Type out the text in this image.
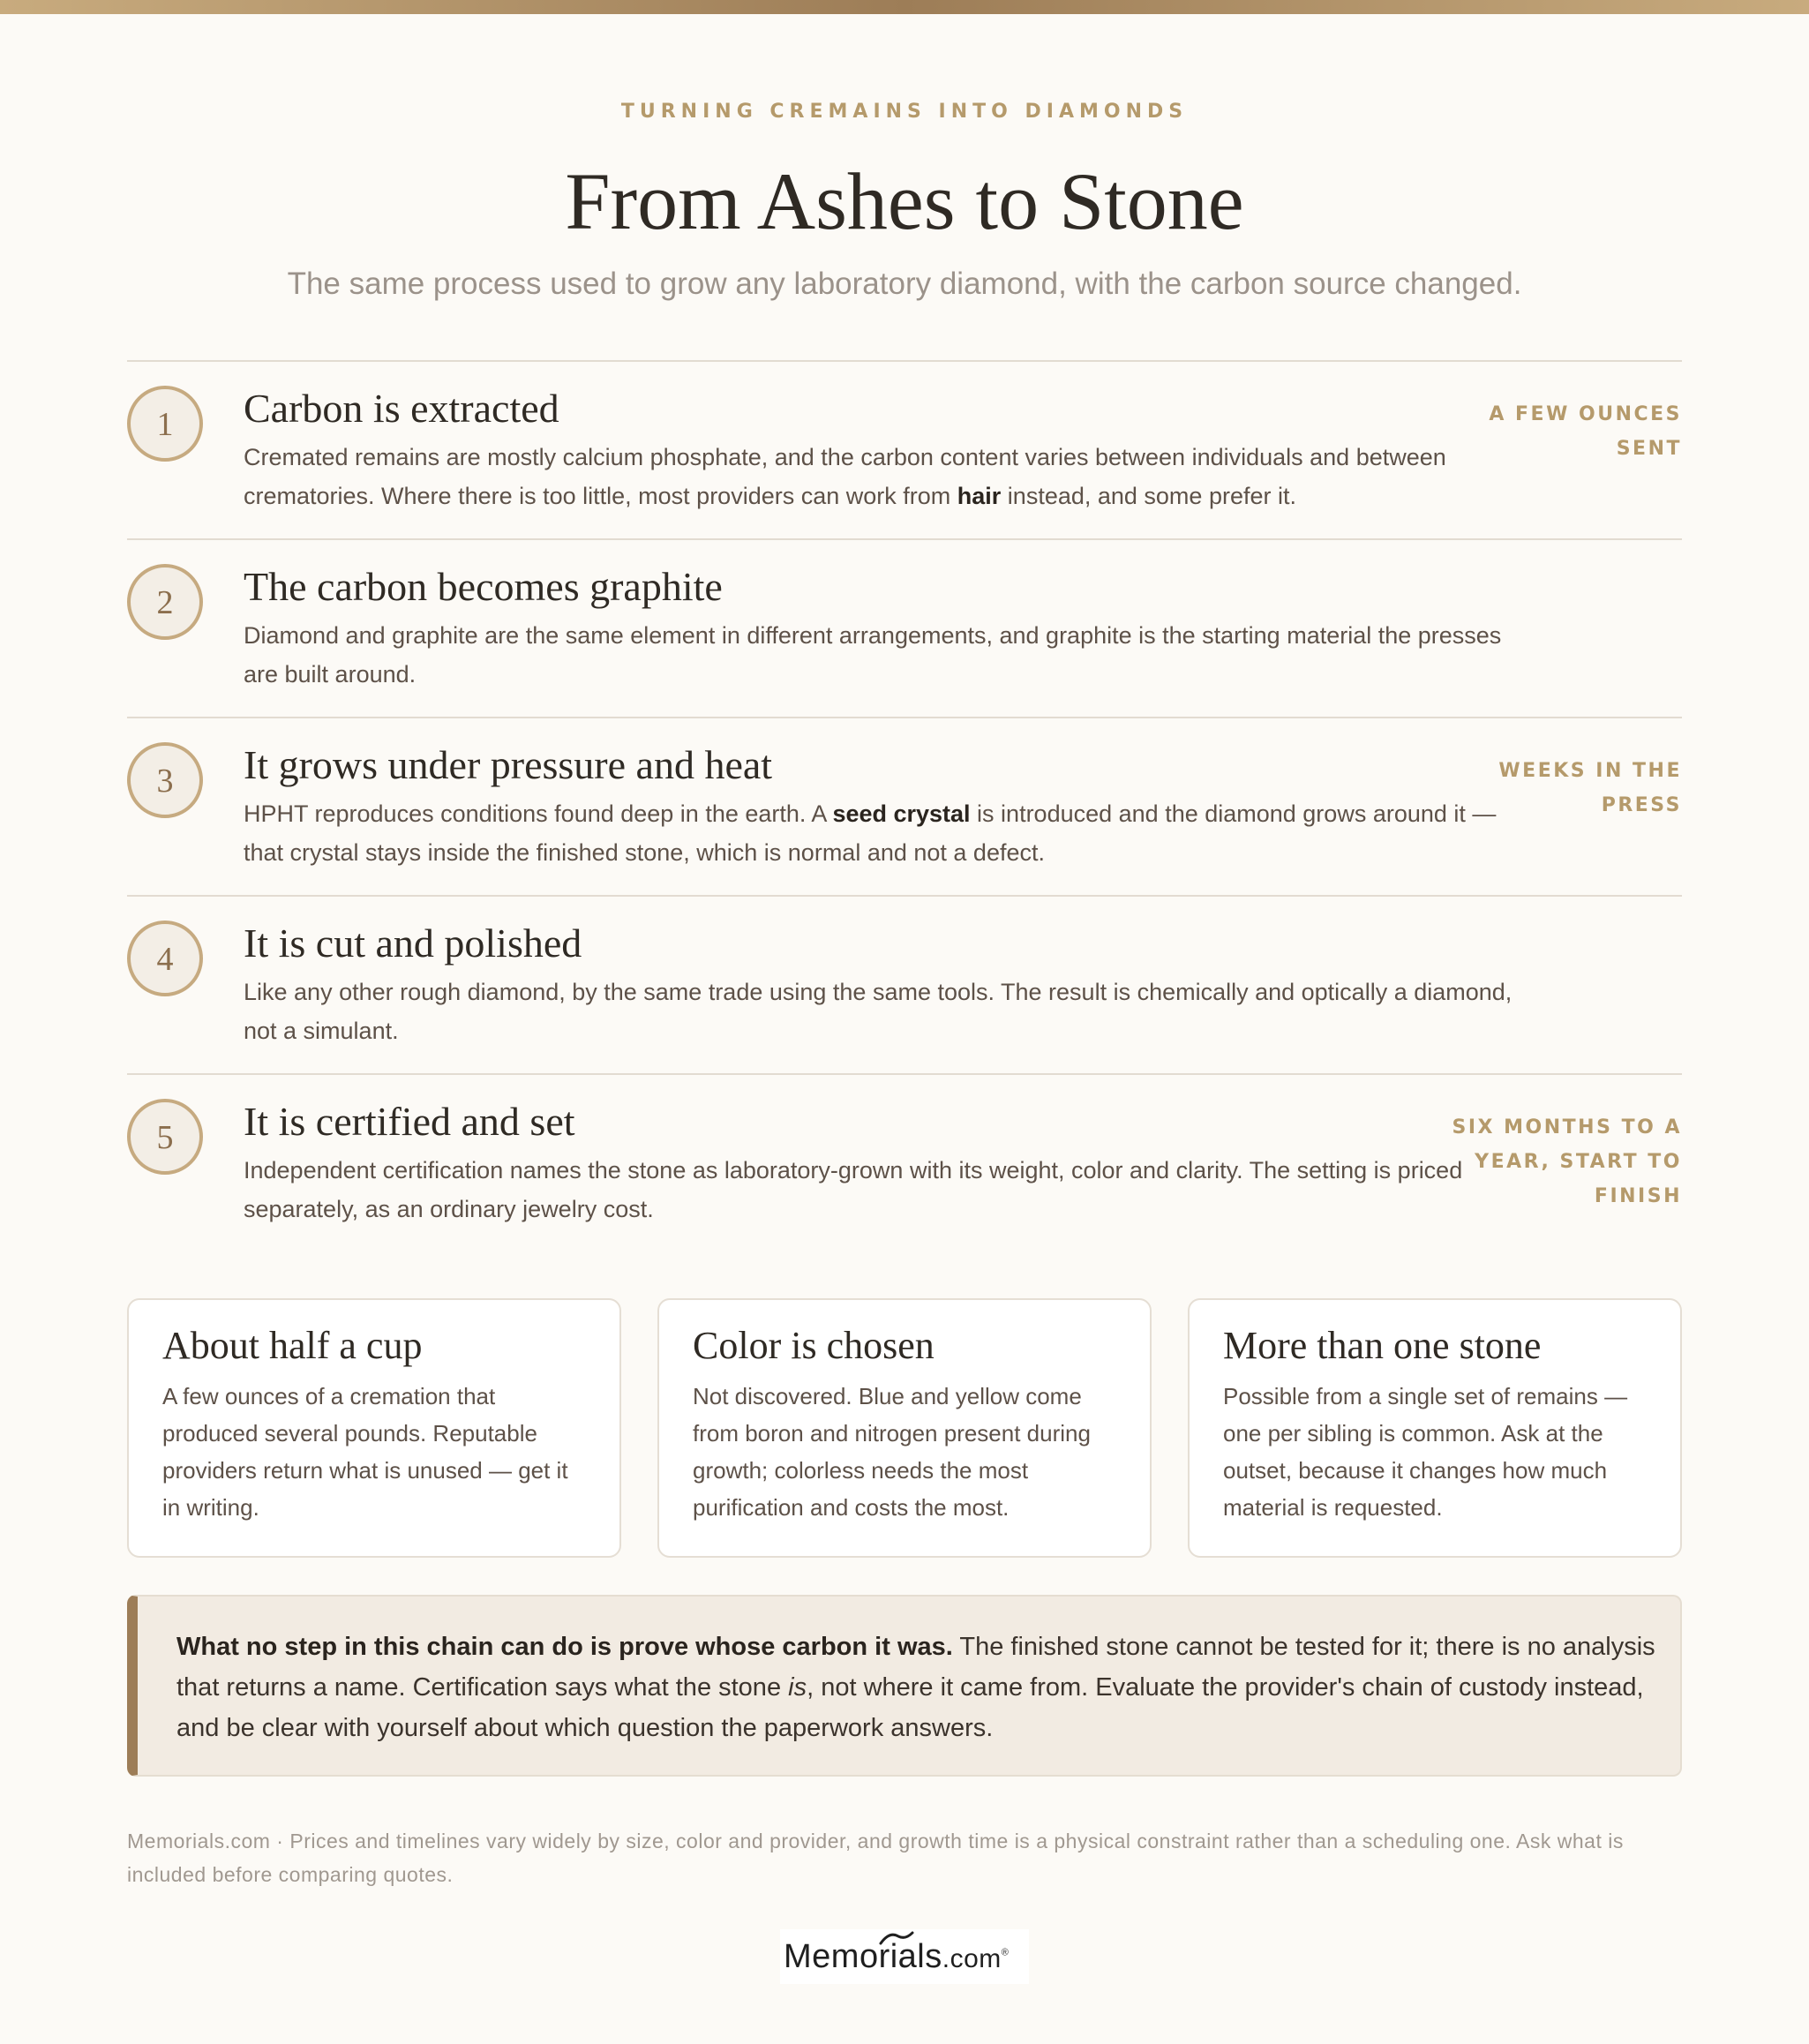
TURNING CREMAINS INTO DIAMONDS
From Ashes to Stone
The same process used to grow any laboratory diamond, with the carbon source changed.
1	Carbon is extracted
Cremated remains are mostly calcium phosphate, and the carbon content varies between individuals and between crematories. Where there is too little, most providers can work from hair instead, and some prefer it.
A FEW OUNCES SENT
2	The carbon becomes graphite
Diamond and graphite are the same element in different arrangements, and graphite is the starting material the presses are built around.
3	It grows under pressure and heat
HPHT reproduces conditions found deep in the earth. A seed crystal is introduced and the diamond grows around it — that crystal stays inside the finished stone, which is normal and not a defect.
WEEKS IN THE PRESS
4	It is cut and polished
Like any other rough diamond, by the same trade using the same tools. The result is chemically and optically a diamond, not a simulant.
5	It is certified and set
Independent certification names the stone as laboratory-grown with its weight, color and clarity. The setting is priced separately, as an ordinary jewelry cost.
SIX MONTHS TO A YEAR, START TO FINISH
About half a cup
A few ounces of a cremation that produced several pounds. Reputable providers return what is unused — get it in writing.
Color is chosen
Not discovered. Blue and yellow come from boron and nitrogen present during growth; colorless needs the most purification and costs the most.
More than one stone
Possible from a single set of remains — one per sibling is common. Ask at the outset, because it changes how much material is requested.
What no step in this chain can do is prove whose carbon it was. The finished stone cannot be tested for it; there is no analysis that returns a name. Certification says what the stone is, not where it came from. Evaluate the provider's chain of custody instead, and be clear with yourself about which question the paperwork answers.
Memorials.com · Prices and timelines vary widely by size, color and provider, and growth time is a physical constraint rather than a scheduling one. Ask what is included before comparing quotes.
Memorials.com®
